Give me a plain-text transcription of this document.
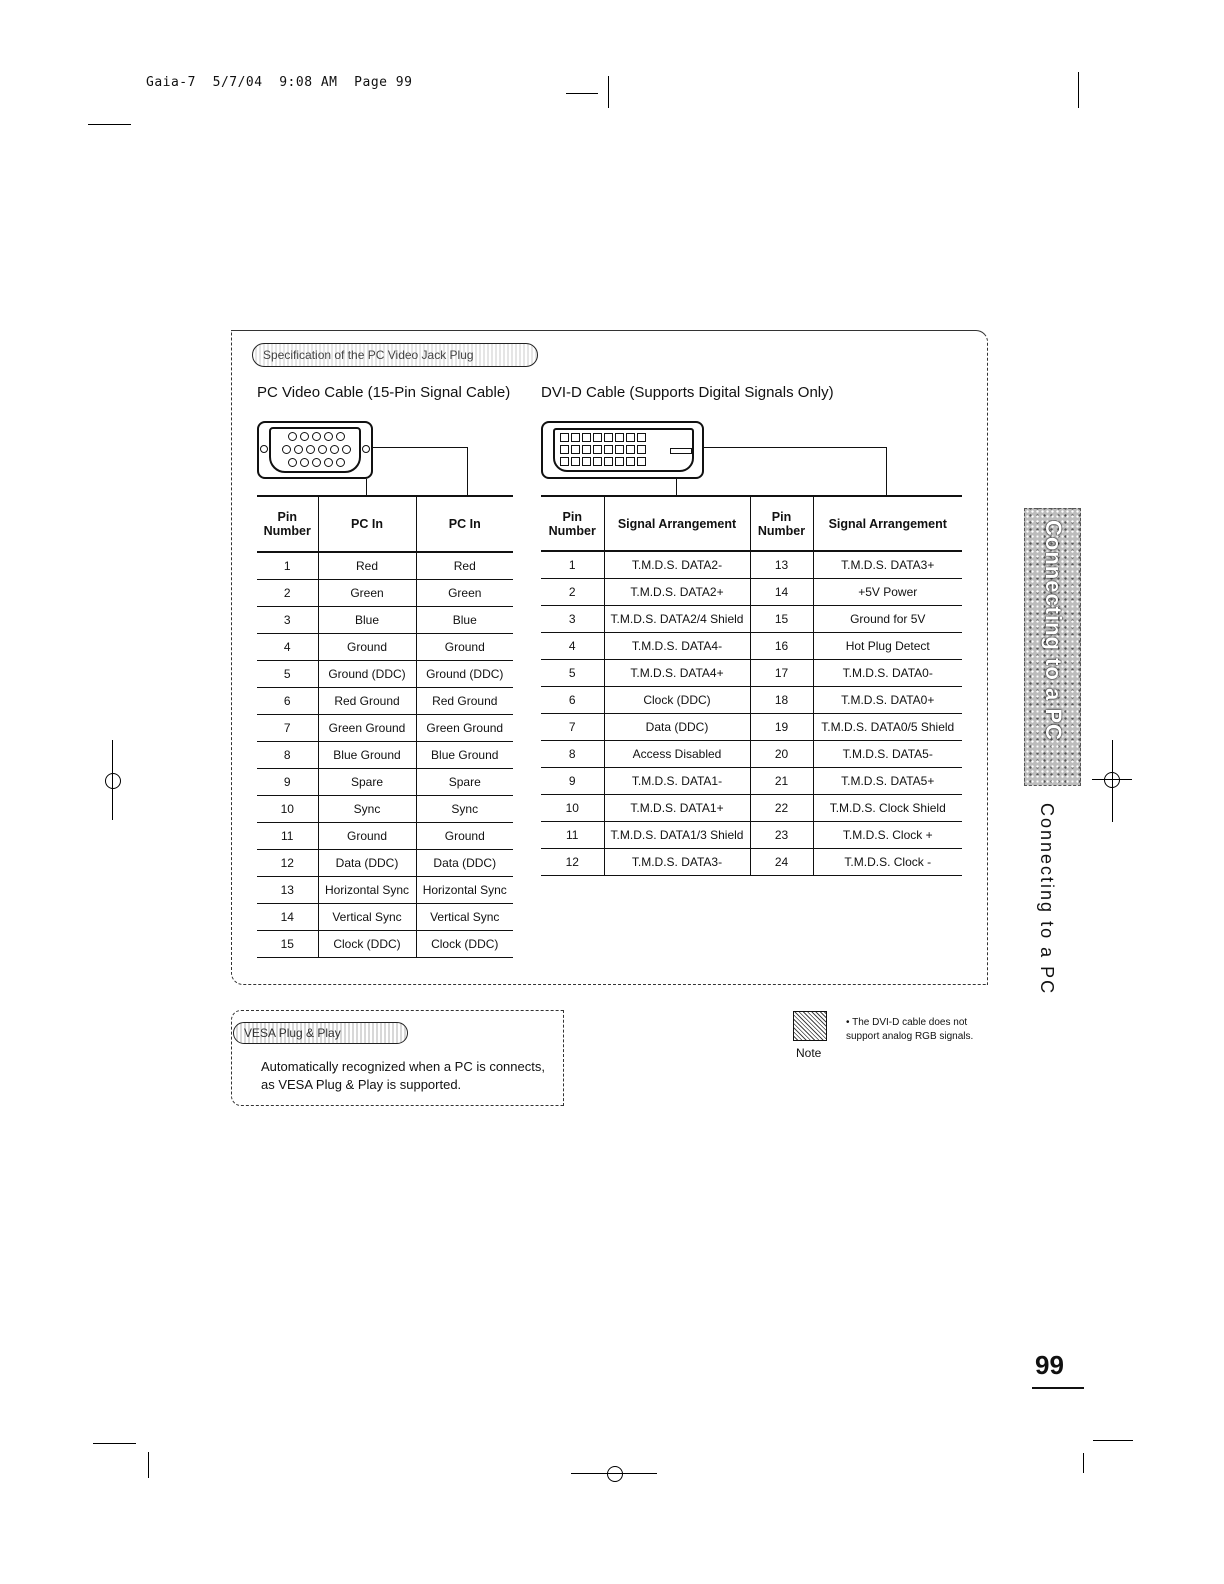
Gaia-7  5/7/04  9:08 AM  Page 99
Specification of the PC Video Jack Plug
PC Video Cable (15-Pin Signal Cable) DVI-D Cable (Supports Digital Signals Only)
Pin Number	PC In	PC In
1	Red	Red
2	Green	Green
3	Blue	Blue
4	Ground	Ground
5	Ground (DDC)	Ground (DDC)
6	Red Ground	Red Ground
7	Green Ground	Green Ground
8	Blue Ground	Blue Ground
9	Spare	Spare
10	Sync	Sync
11	Ground	Ground
12	Data (DDC)	Data (DDC)
13	Horizontal Sync	Horizontal Sync
14	Vertical Sync	Vertical Sync
15	Clock (DDC)	Clock (DDC)
Pin Number	Signal Arrangement	Pin Number	Signal Arrangement
1	T.M.D.S. DATA2-	13	T.M.D.S. DATA3+
2	T.M.D.S. DATA2+	14	+5V Power
3	T.M.D.S. DATA2/4 Shield	15	Ground for 5V
4	T.M.D.S. DATA4-	16	Hot Plug Detect
5	T.M.D.S. DATA4+	17	T.M.D.S. DATA0-
6	Clock (DDC)	18	T.M.D.S. DATA0+
7	Data (DDC)	19	T.M.D.S. DATA0/5 Shield
8	Access Disabled	20	T.M.D.S. DATA5-
9	T.M.D.S. DATA1-	21	T.M.D.S. DATA5+
10	T.M.D.S. DATA1+	22	T.M.D.S. Clock Shield
11	T.M.D.S. DATA1/3 Shield	23	T.M.D.S. Clock +
12	T.M.D.S. DATA3-	24	T.M.D.S. Clock -
Connecting to a PC
Connecting to a PC
VESA Plug & Play
Automatically recognized when a PC is connects, as VESA Plug & Play is supported.
Note
• The DVI-D cable does not support analog RGB signals.
99
